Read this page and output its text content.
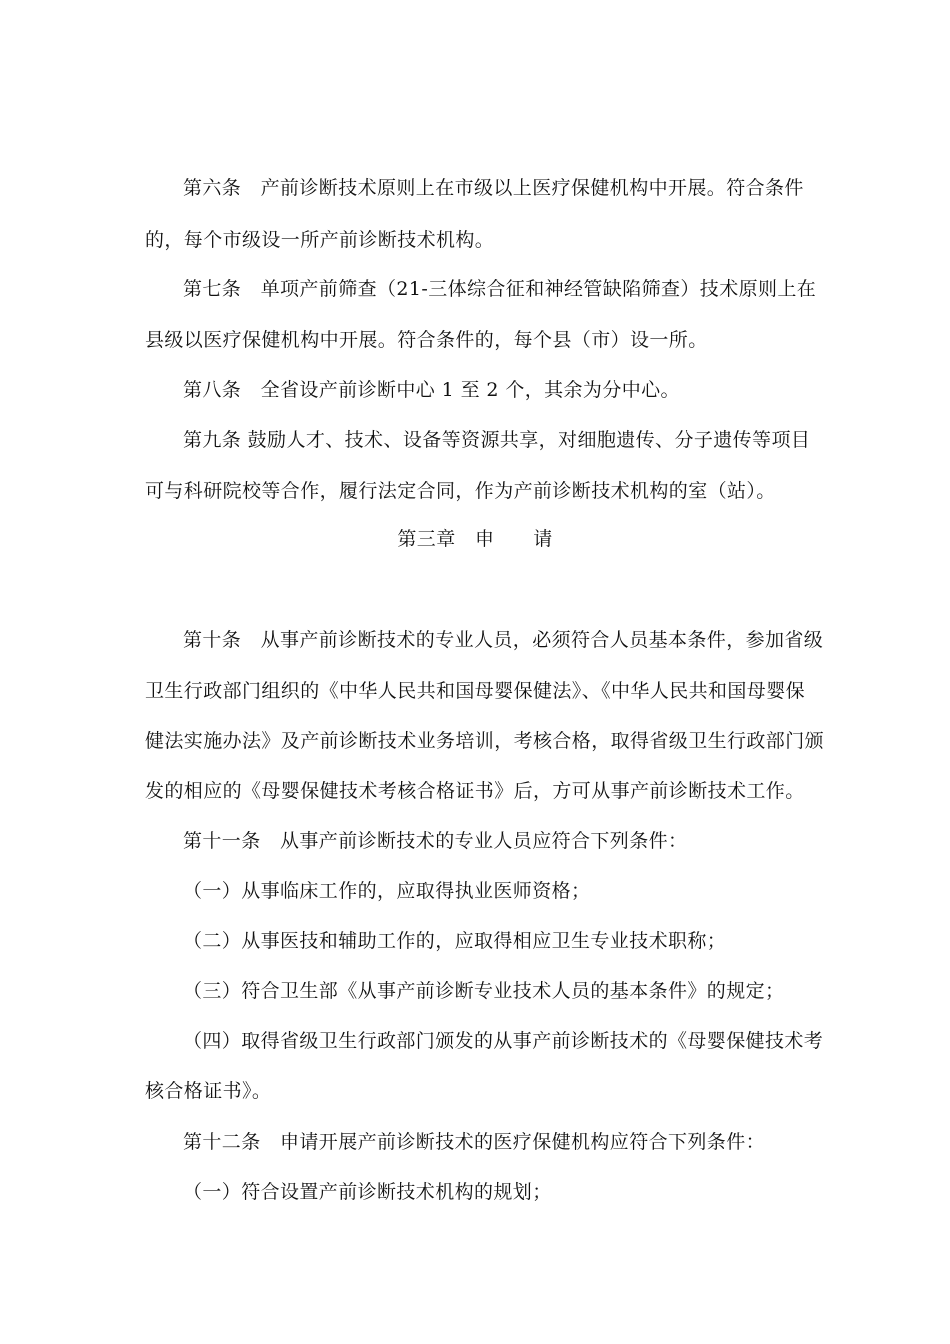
第六条　产前诊断技术原则上在市级以上医疗保健机构中开展。符合条件
的，每个市级设一所产前诊断技术机构。
第七条　单项产前筛查（21-三体综合征和神经管缺陷筛查）技术原则上在
县级以医疗保健机构中开展。符合条件的，每个县（市）设一所。
第八条　全省设产前诊断中心 1 至 2 个，其余为分中心。
第九条 鼓励人才、技术、设备等资源共享，对细胞遗传、分子遗传等项目
可与科研院校等合作，履行法定合同，作为产前诊断技术机构的室（站）。
第三章　申　　请
第十条　从事产前诊断技术的专业人员，必须符合人员基本条件，参加省级
卫生行政部门组织的《中华人民共和国母婴保健法》、《中华人民共和国母婴保
健法实施办法》及产前诊断技术业务培训，考核合格，取得省级卫生行政部门颁
发的相应的《母婴保健技术考核合格证书》后，方可从事产前诊断技术工作。
第十一条　从事产前诊断技术的专业人员应符合下列条件：
（一）从事临床工作的，应取得执业医师资格；
（二）从事医技和辅助工作的，应取得相应卫生专业技术职称；
（三）符合卫生部《从事产前诊断专业技术人员的基本条件》的规定；
（四）取得省级卫生行政部门颁发的从事产前诊断技术的《母婴保健技术考
核合格证书》。
第十二条　申请开展产前诊断技术的医疗保健机构应符合下列条件：
（一）符合设置产前诊断技术机构的规划；
